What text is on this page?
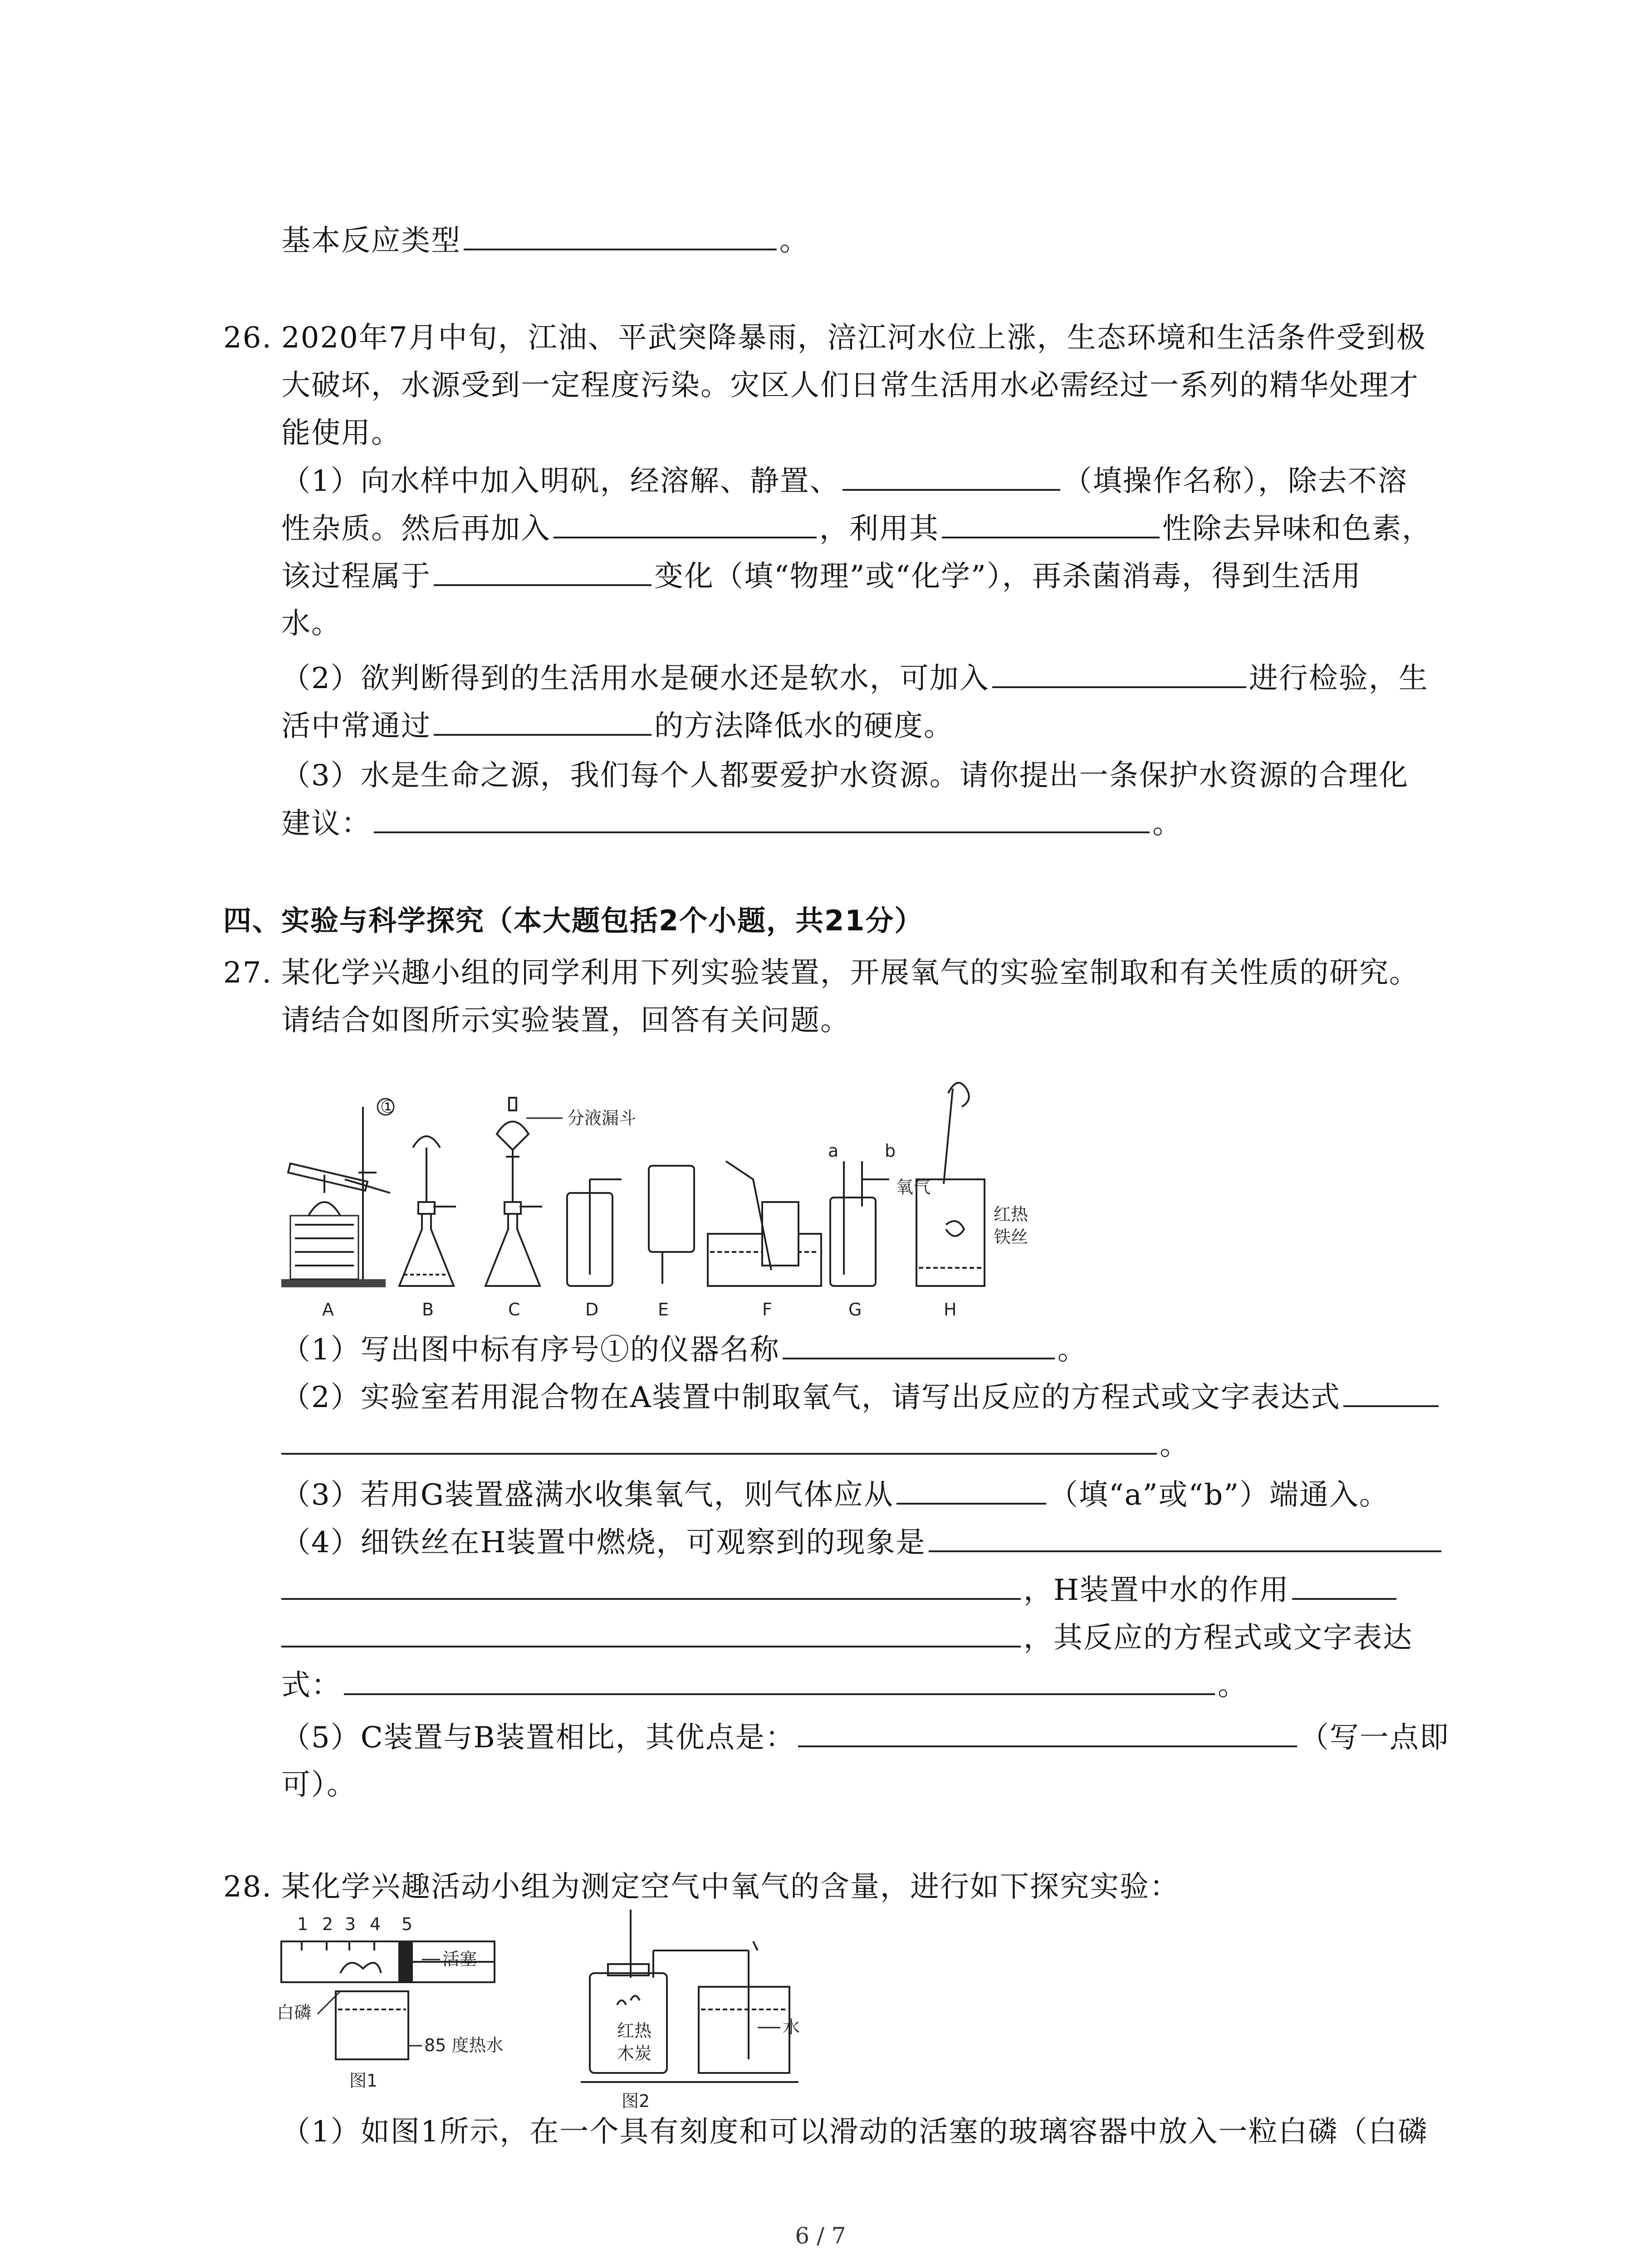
基本反应类型	。
26. 2020年7月中旬，江油、平武突降暴雨，涪江河水位上涨，生态环境和生活条件受到极
大破坏，水源受到一定程度污染。灾区人们日常生活用水必需经过一系列的精华处理才
能使用。
（1）向水样中加入明矾，经溶解、静置、	（填操作名称），除去不溶
性杂质。然后再加入	，利用其	性除去异味和色素，
该过程属于	变化（填“物理”或“化学”），再杀菌消毒，得到生活用
水。
（2）欲判断得到的生活用水是硬水还是软水，可加入	进行检验，生
活中常通过	的方法降低水的硬度。
（3）水是生命之源，我们每个人都要爱护水资源。请你提出一条保护水资源的合理化
建议：	。
四、实验与科学探究（本大题包括2个小题，共21分）
27. 某化学兴趣小组的同学利用下列实验装置，开展氧气的实验室制取和有关性质的研究。
请结合如图所示实验装置，回答有关问题。
①
分液漏斗
a	b
氧气
红热
铁丝
A	B	C	D	E	F	G	H
（1）写出图中标有序号①的仪器名称	。
（2）实验室若用混合物在A装置中制取氧气，请写出反应的方程式或文字表达式
。
（3）若用G装置盛满水收集氧气，则气体应从	（填“a”或“b”）端通入。
（4）细铁丝在H装置中燃烧，可观察到的现象是
，H装置中水的作用
，其反应的方程式或文字表达
式：	。
（5）C装置与B装置相比，其优点是：	（写一点即
可）。
28. 某化学兴趣活动小组为测定空气中氧气的含量，进行如下探究实验：
1 2 3 4 5
活塞
白磷
85 度热水
图1
水
红热
木炭
图2
（1）如图1所示，在一个具有刻度和可以滑动的活塞的玻璃容器中放入一粒白磷（白磷
6 / 7
